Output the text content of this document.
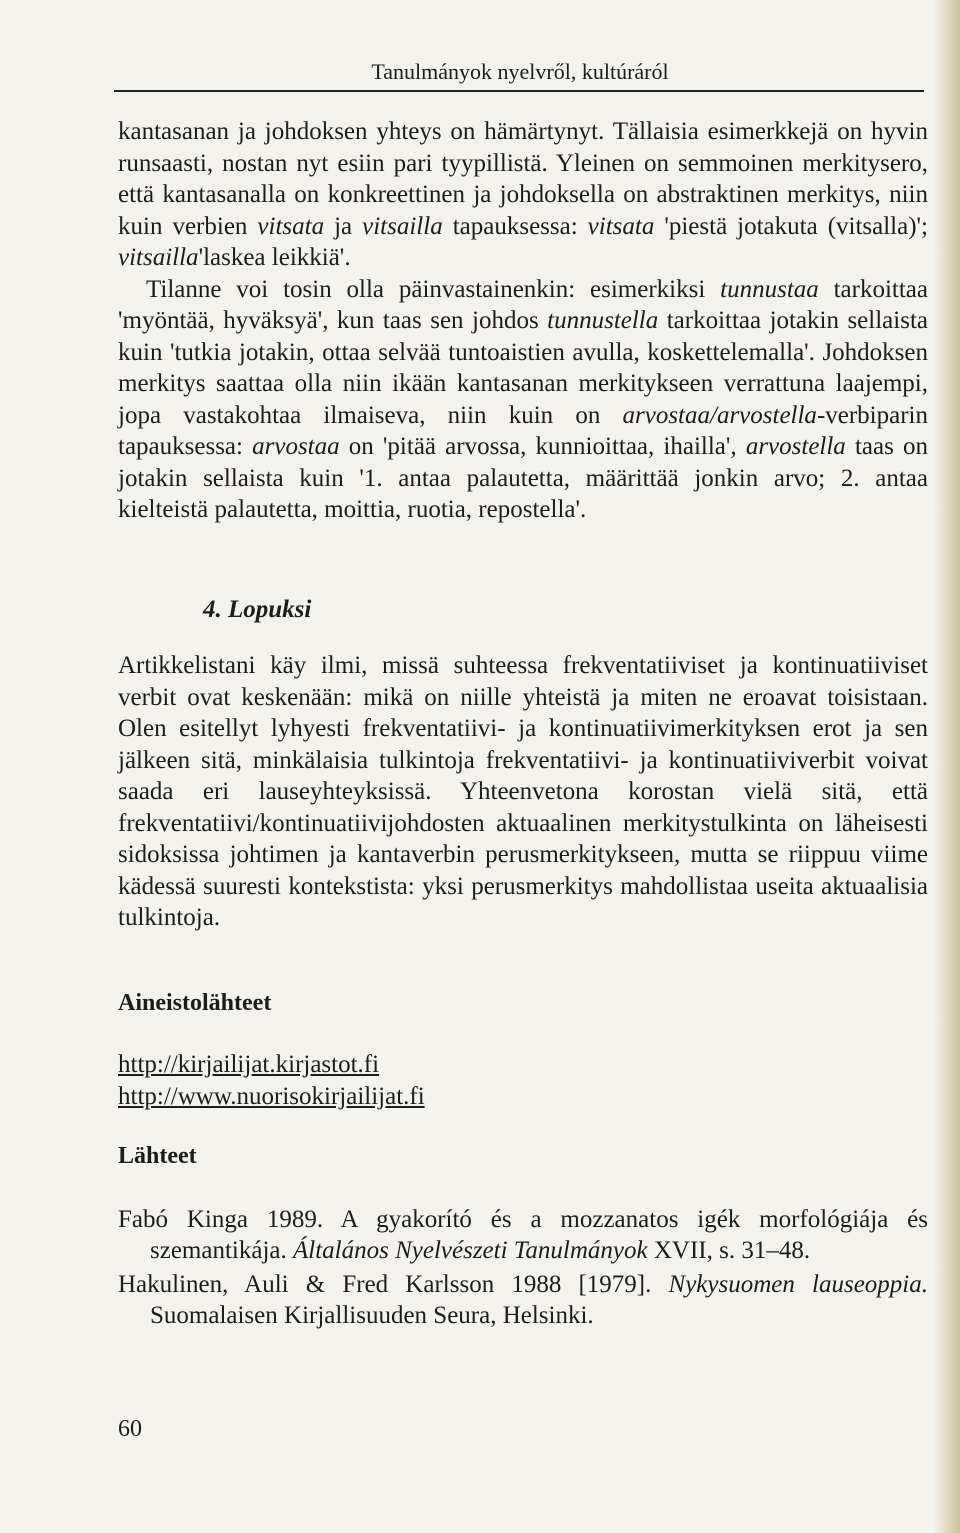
Tanulmányok nyelvről, kultúráról

kantasanan ja johdoksen yhteys on hämärtynyt. Tällaisia esimerkkejä on hyvin runsaasti, nostan nyt esiin pari tyypillistä. Yleinen on semmoinen merkitysero, että kantasanalla on konkreettinen ja johdoksella on abstraktinen merkitys, niin kuin verbien vitsata ja vitsailla tapauksessa: vitsata 'piestä jotakuta (vitsalla)'; vitsailla'laskea leikkiä'.

Tilanne voi tosin olla päinvastainenkin: esimerkiksi tunnustaa tarkoittaa 'myöntää, hyväksyä', kun taas sen johdos tunnustella tarkoittaa jotakin sellaista kuin 'tutkia jotakin, ottaa selvää tuntoaistien avulla, koskettelemalla'. Johdoksen merkitys saattaa olla niin ikään kantasanan merkitykseen verrattuna laajempi, jopa vastakohtaa ilmaiseva, niin kuin on arvostaa/arvostella-verbiparin tapauksessa: arvostaa on 'pitää arvossa, kunnioittaa, ihailla', arvostella taas on jotakin sellaista kuin '1. antaa palautetta, määrittää jonkin arvo; 2. antaa kielteistä palautetta, moittia, ruotia, repostella'.

4. Lopuksi

Artikkelistani käy ilmi, missä suhteessa frekventatiiviset ja kontinuatiiviset verbit ovat keskenään: mikä on niille yhteistä ja miten ne eroavat toisistaan. Olen esitellyt lyhyesti frekventatiivi- ja kontinuatiivimerkityksen erot ja sen jälkeen sitä, minkälaisia tulkintoja frekventatiivi- ja kontinuatiiviverbit voivat saada eri lauseyhteyksissä. Yhteenvetona korostan vielä sitä, että frekventatiivi/kontinuatiivijohdosten aktuaalinen merkitystulkinta on läheisesti sidoksissa johtimen ja kantaverbin perusmerkitykseen, mutta se riippuu viime kädessä suuresti kontekstista: yksi perusmerkitys mahdollistaa useita aktuaalisia tulkintoja.

Aineistolähteet
http://kirjailijat.kirjastot.fi
http://www.nuorisokirjailijat.fi
Lähteet
Fabó Kinga 1989. A gyakorító és a mozzanatos igék morfológiája és szemantikája. Általános Nyelvészeti Tanulmányok XVII, s. 31–48.
Hakulinen, Auli & Fred Karlsson 1988 [1979]. Nykysuomen lauseoppia. Suomalaisen Kirjallisuuden Seura, Helsinki.
60
